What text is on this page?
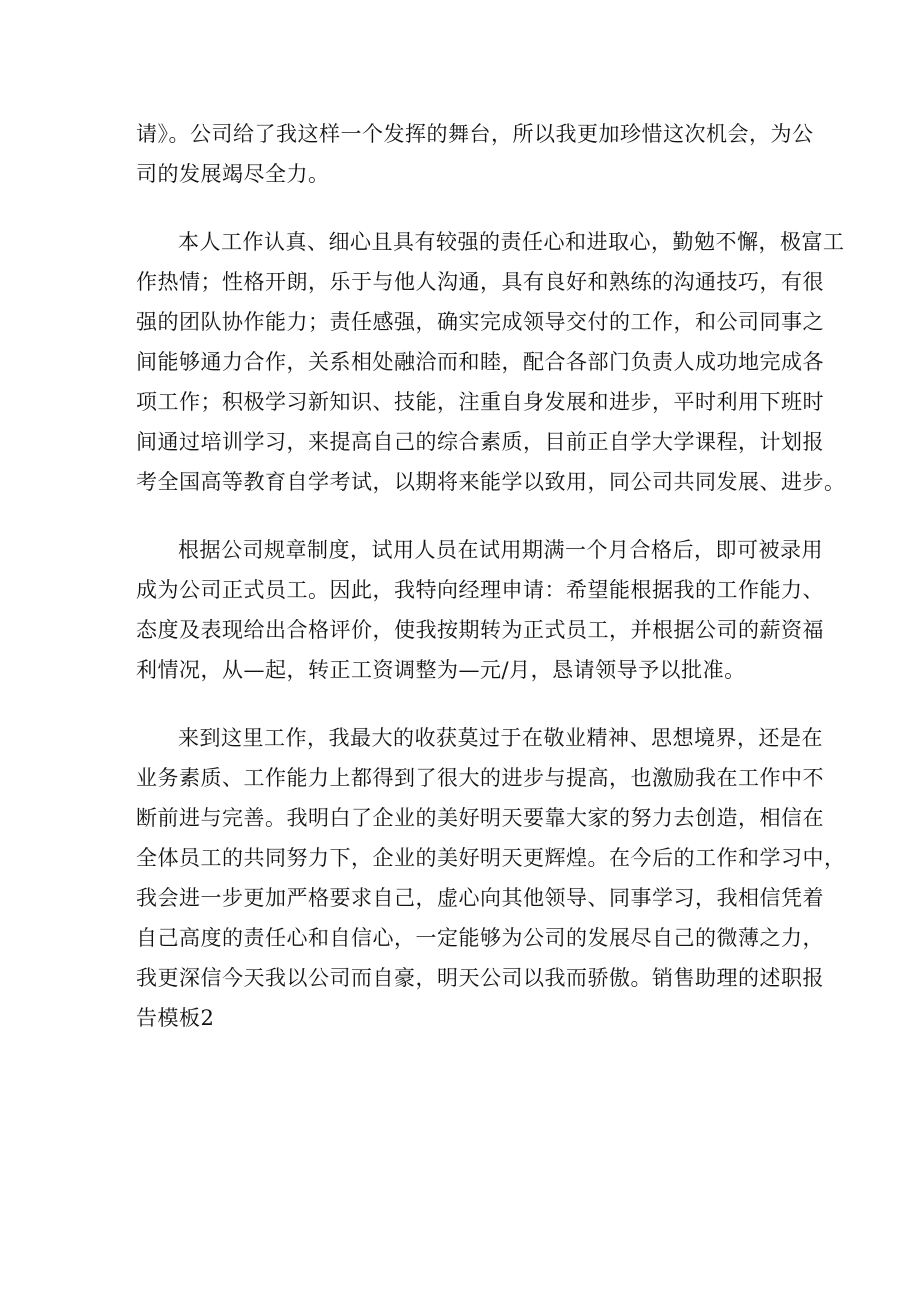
请》。公司给了我这样一个发挥的舞台，所以我更加珍惜这次机会，为公
司的发展竭尽全力。
本人工作认真、细心且具有较强的责任心和进取心，勤勉不懈，极富工
作热情；性格开朗，乐于与他人沟通，具有良好和熟练的沟通技巧，有很
强的团队协作能力；责任感强，确实完成领导交付的工作，和公司同事之
间能够通力合作，关系相处融洽而和睦，配合各部门负责人成功地完成各
项工作；积极学习新知识、技能，注重自身发展和进步，平时利用下班时
间通过培训学习，来提高自己的综合素质，目前正自学大学课程，计划报
考全国高等教育自学考试，以期将来能学以致用，同公司共同发展、进步。
根据公司规章制度，试用人员在试用期满一个月合格后，即可被录用
成为公司正式员工。因此，我特向经理申请：希望能根据我的工作能力、
态度及表现给出合格评价，使我按期转为正式员工，并根据公司的薪资福
利情况，从—起，转正工资调整为—元/月，恳请领导予以批准。
来到这里工作，我最大的收获莫过于在敬业精神、思想境界，还是在
业务素质、工作能力上都得到了很大的进步与提高，也激励我在工作中不
断前进与完善。我明白了企业的美好明天要靠大家的努力去创造，相信在
全体员工的共同努力下，企业的美好明天更辉煌。在今后的工作和学习中，
我会进一步更加严格要求自己，虚心向其他领导、同事学习，我相信凭着
自己高度的责任心和自信心，一定能够为公司的发展尽自己的微薄之力，
我更深信今天我以公司而自豪，明天公司以我而骄傲。销售助理的述职报
告模板2
